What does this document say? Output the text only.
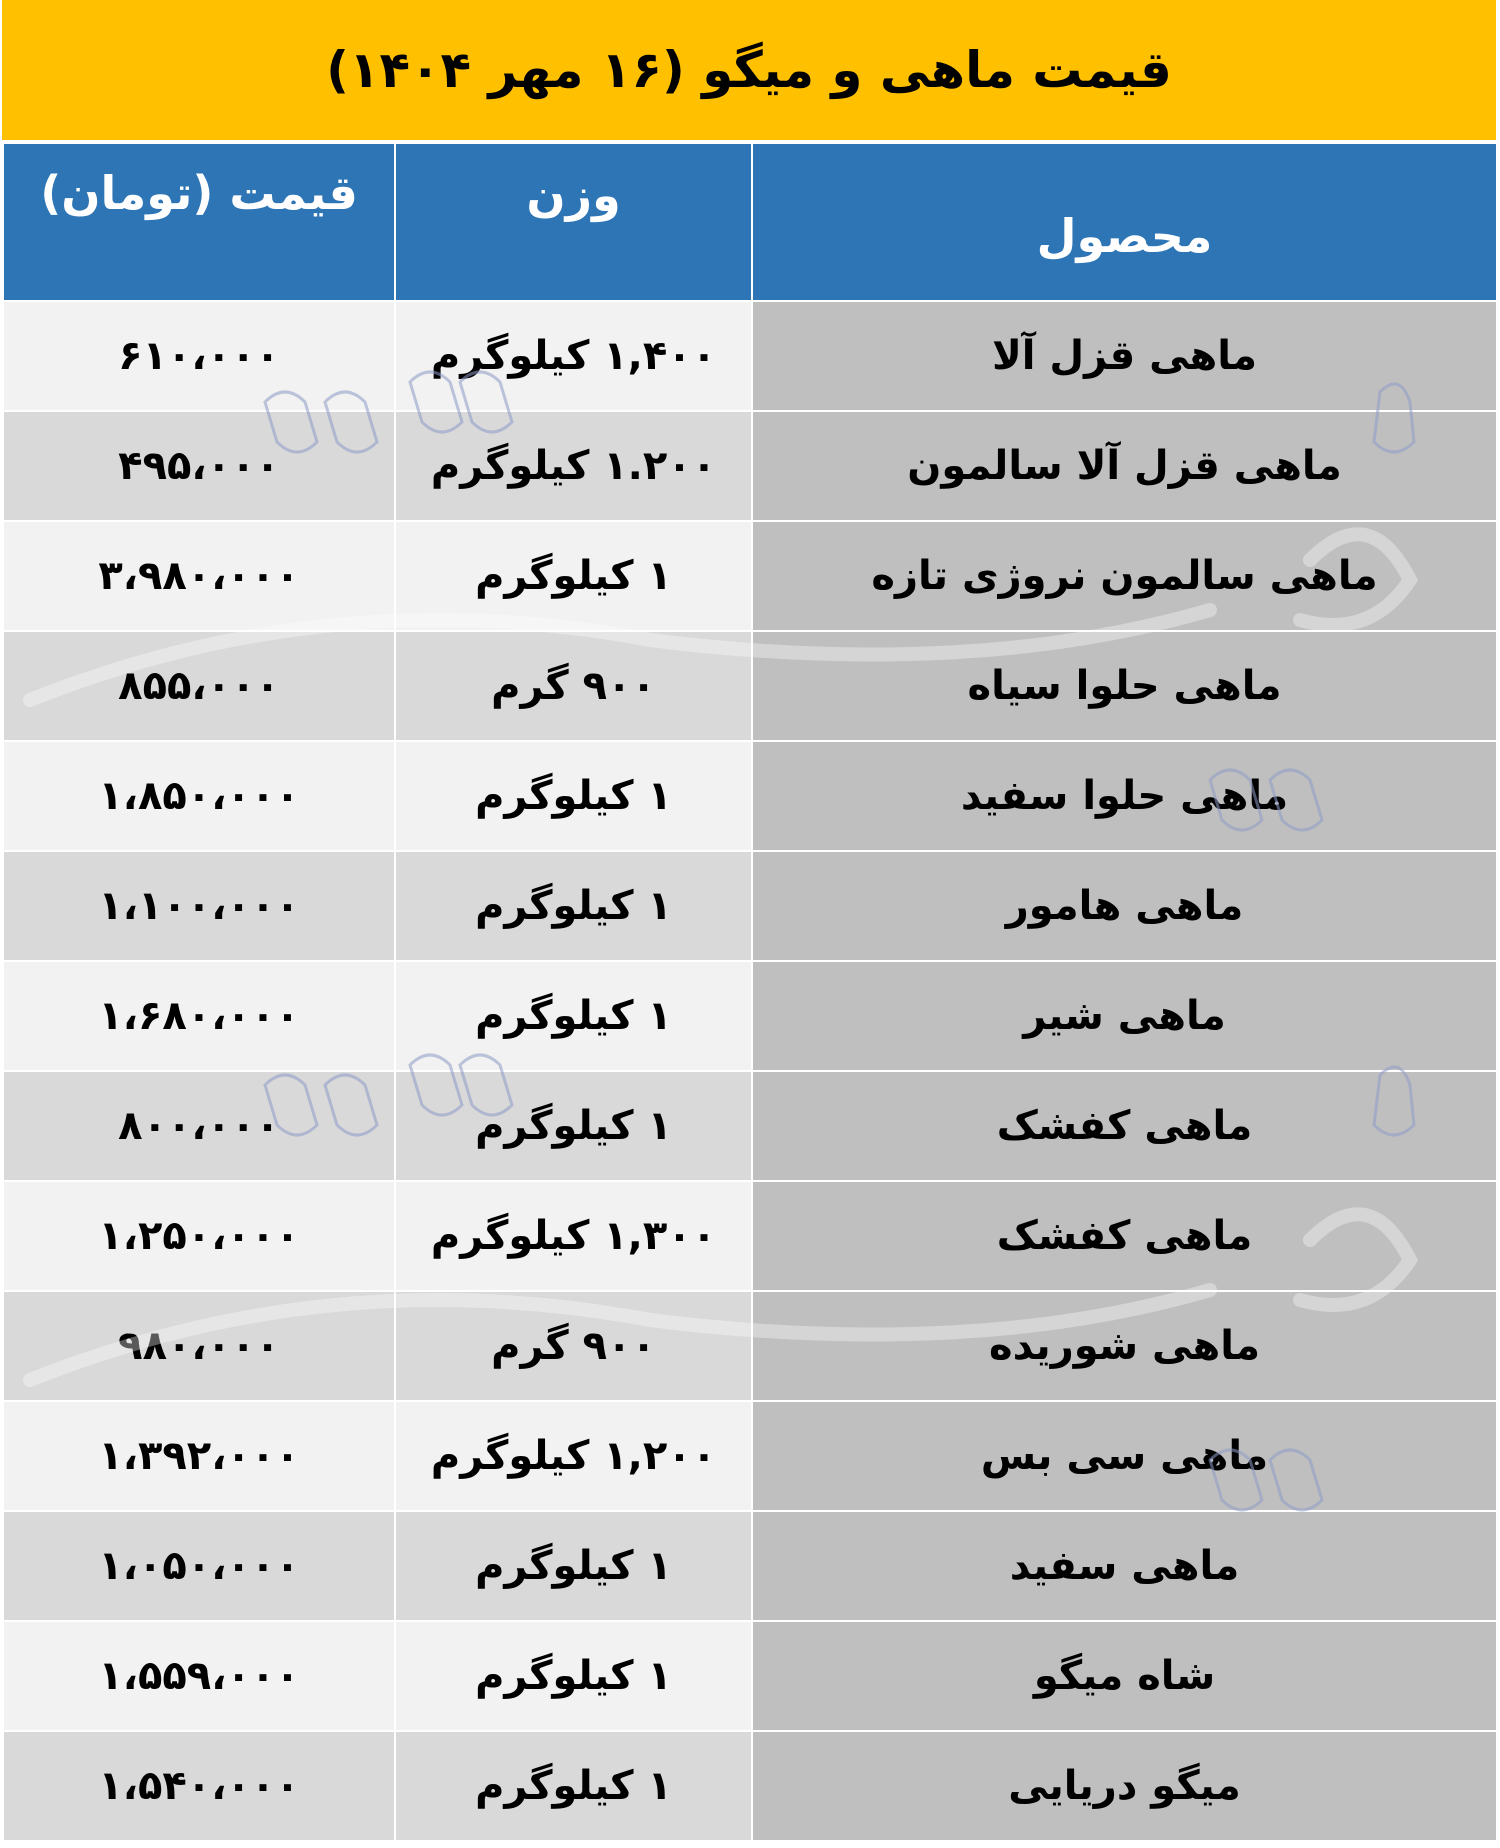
قیمت ماهی و میگو (۱۶ مهر ۱۴۰۴)
محصول	وزن	قیمت (تومان)
ماهی قزل آلا	۱,۴۰۰ کیلوگرم	۶۱۰،۰۰۰
ماهی قزل آلا سالمون	۱.۲۰۰ کیلوگرم	۴۹۵،۰۰۰
ماهی سالمون نروژی تازه	۱ کیلوگرم	۳،۹۸۰،۰۰۰
ماهی حلوا سیاه	۹۰۰ گرم	۸۵۵،۰۰۰
ماهی حلوا سفید	۱ کیلوگرم	۱،۸۵۰،۰۰۰
ماهی هامور	۱ کیلوگرم	۱،۱۰۰،۰۰۰
ماهی شیر	۱ کیلوگرم	۱،۶۸۰،۰۰۰
ماهی کفشک	۱ کیلوگرم	۸۰۰،۰۰۰
ماهی کفشک	۱,۳۰۰ کیلوگرم	۱،۲۵۰،۰۰۰
ماهی شوریده	۹۰۰ گرم	۹۸۰،۰۰۰
ماهی سی بس	۱,۲۰۰ کیلوگرم	۱،۳۹۲،۰۰۰
ماهی سفید	۱ کیلوگرم	۱،۰۵۰،۰۰۰
شاه میگو	۱ کیلوگرم	۱،۵۵۹،۰۰۰
میگو دریایی	۱ کیلوگرم	۱،۵۴۰،۰۰۰
